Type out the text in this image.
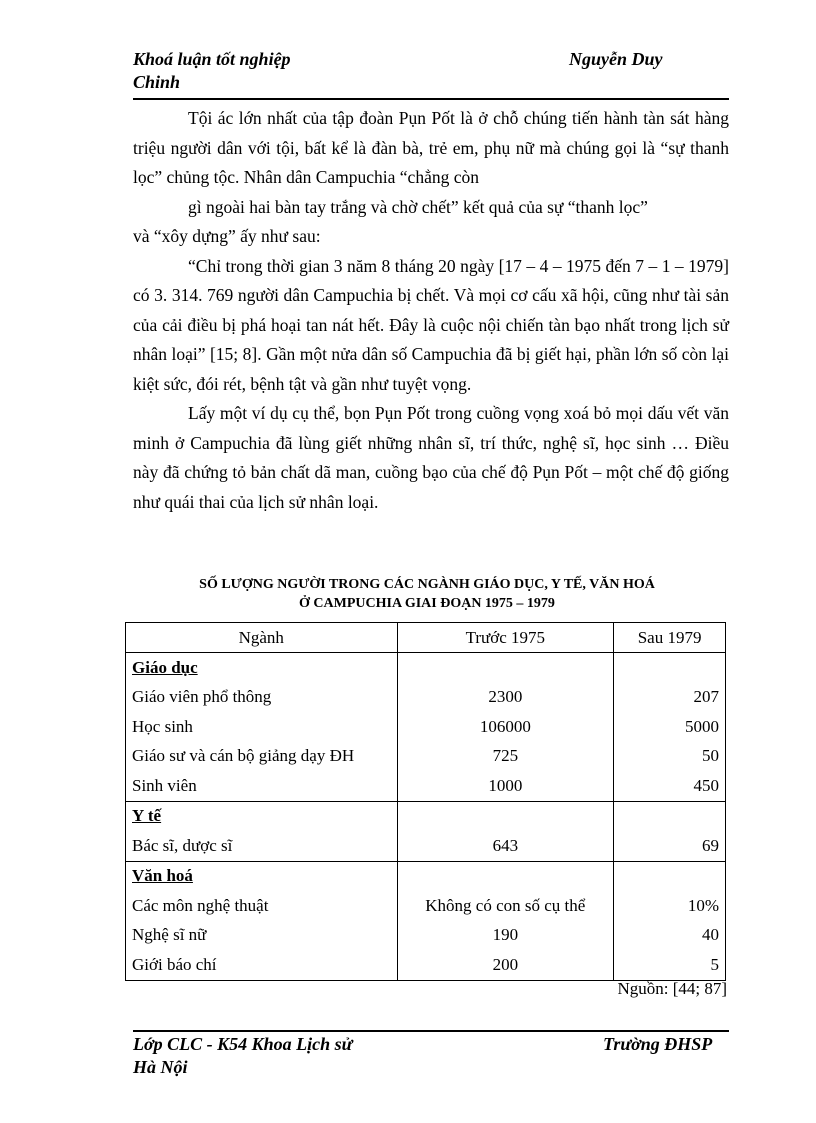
Khoá luận tốt nghiệp
Chinh
Nguyễn Duy

Tội ác lớn nhất của tập đoàn Pụn Pốt là ở chỗ chúng tiến hành tàn sát hàng triệu người dân với tội, bất kể là đàn bà, trẻ em, phụ nữ mà chúng gọi là “sự thanh lọc” chủng tộc. Nhân dân Campuchia “chẳng còn

gì ngoài hai bàn tay trắng và chờ chết” kết quả của sự “thanh lọc”

và “xôy dựng” ấy như sau:

“Chỉ trong thời gian 3 năm 8 tháng 20 ngày [17 – 4 – 1975 đến 7 – 1 – 1979] có 3. 314. 769 người dân Campuchia bị chết. Và mọi cơ cấu xã hội, cũng như tài sản của cải điều bị phá hoại tan nát hết. Đây là cuộc nội chiến tàn bạo nhất trong lịch sử nhân loại” [15; 8]. Gần một nửa dân số Campuchia đã bị giết hại, phần lớn số còn lại kiệt sức, đói rét, bệnh tật và gần như tuyệt vọng.

Lấy một ví dụ cụ thể, bọn Pụn Pốt trong cuồng vọng xoá bỏ mọi dấu vết văn minh ở Campuchia đã lùng giết những nhân sĩ, trí thức, nghệ sĩ, học sinh … Điều này đã chứng tỏ bản chất dã man, cuồng bạo của chế độ Pụn Pốt – một chế độ giống như quái thai của lịch sử nhân loại.

SỐ LƯỢNG NGƯỜI TRONG CÁC NGÀNH GIÁO DỤC, Y TẾ, VĂN HOÁ
Ở CAMPUCHIA GIAI ĐOẠN 1975 – 1979
Ngành	Trước 1975	Sau 1979
Giáo dục		
Giáo viên phổ thông	2300	207
Học sinh	106000	5000
Giáo sư và cán bộ giảng dạy ĐH	725	50
Sinh viên	1000	450
Y tế		
Bác sĩ, dược sĩ	643	69
Văn hoá		
Các môn nghệ thuật	Không có con số cụ thể	10%
Nghệ sĩ nữ	190	40
Giới báo chí	200	5
Nguồn: [44; 87]
Lớp CLC - K54 Khoa Lịch sử
Hà Nội
Trường ĐHSP
